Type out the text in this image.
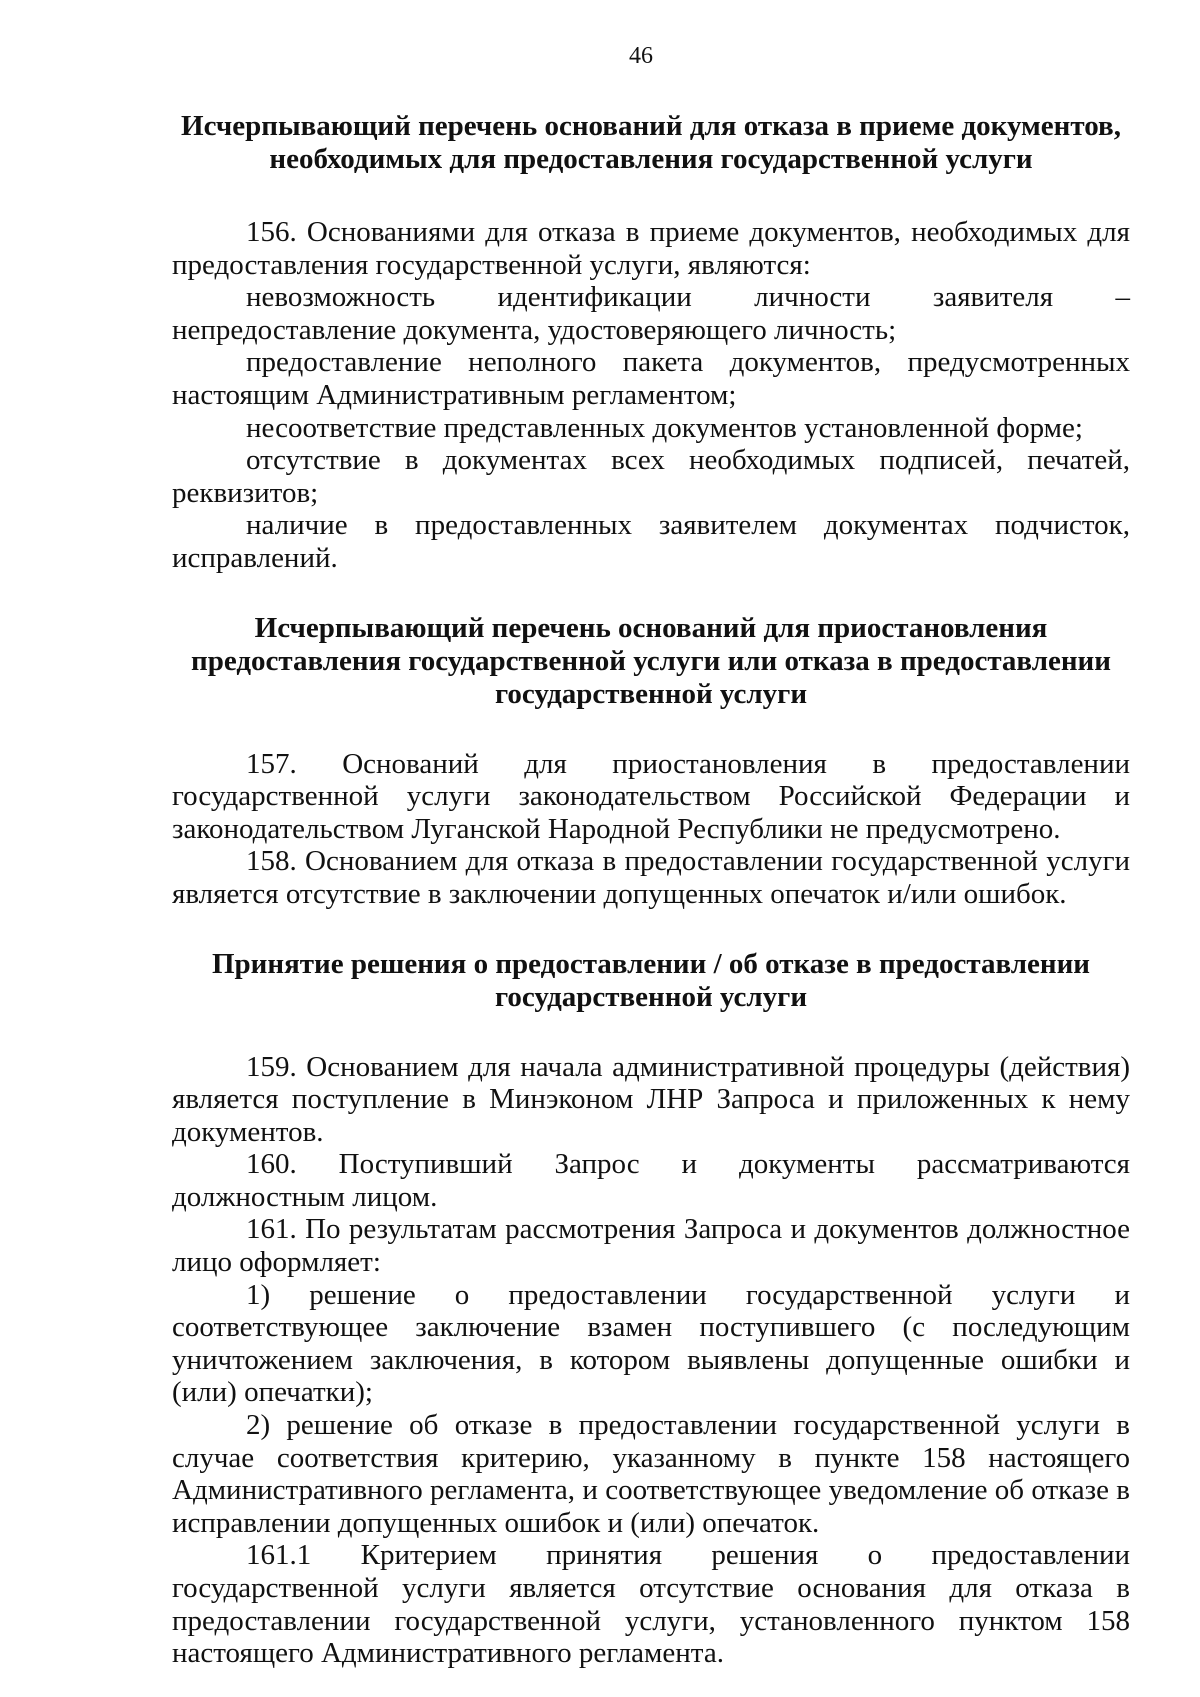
46
Исчерпывающий перечень оснований для отказа в приеме документов,
необходимых для предоставления государственной услуги

156. Основаниями для отказа в приеме документов, необходимых для предоставления государственной услуги, являются:

невозможность идентификации личности заявителя – непредоставление документа, удостоверяющего личность;

предоставление неполного пакета документов, предусмотренных настоящим Административным регламентом;

несоответствие представленных документов установленной форме;

отсутствие в документах всех необходимых подписей, печатей, реквизитов;

наличие в предоставленных заявителем документах подчисток, исправлений.

Исчерпывающий перечень оснований для приостановления
предоставления государственной услуги или отказа в предоставлении
государственной услуги

157. Оснований для приостановления в предоставлении государственной услуги законодательством Российской Федерации и законодательством Луганской Народной Республики не предусмотрено.

158. Основанием для отказа в предоставлении государственной услуги является отсутствие в заключении допущенных опечаток и/или ошибок.

Принятие решения о предоставлении / об отказе в предоставлении
государственной услуги

159. Основанием для начала административной процедуры (действия) является поступление в Минэконом ЛНР Запроса и приложенных к нему документов.

160. Поступивший Запрос и документы рассматриваются должностным лицом.

161. По результатам рассмотрения Запроса и документов должностное лицо оформляет:

1) решение о предоставлении государственной услуги и соответствующее заключение взамен поступившего (с последующим уничтожением заключения, в котором выявлены допущенные ошибки и (или) опечатки);

2) решение об отказе в предоставлении государственной услуги в случае соответствия критерию, указанному в пункте 158 настоящего Административного регламента, и соответствующее уведомление об отказе в исправлении допущенных ошибок и (или) опечаток.

161.1 Критерием принятия решения о предоставлении государственной услуги является отсутствие основания для отказа в предоставлении государственной услуги, установленного пунктом 158 настоящего Административного регламента.
